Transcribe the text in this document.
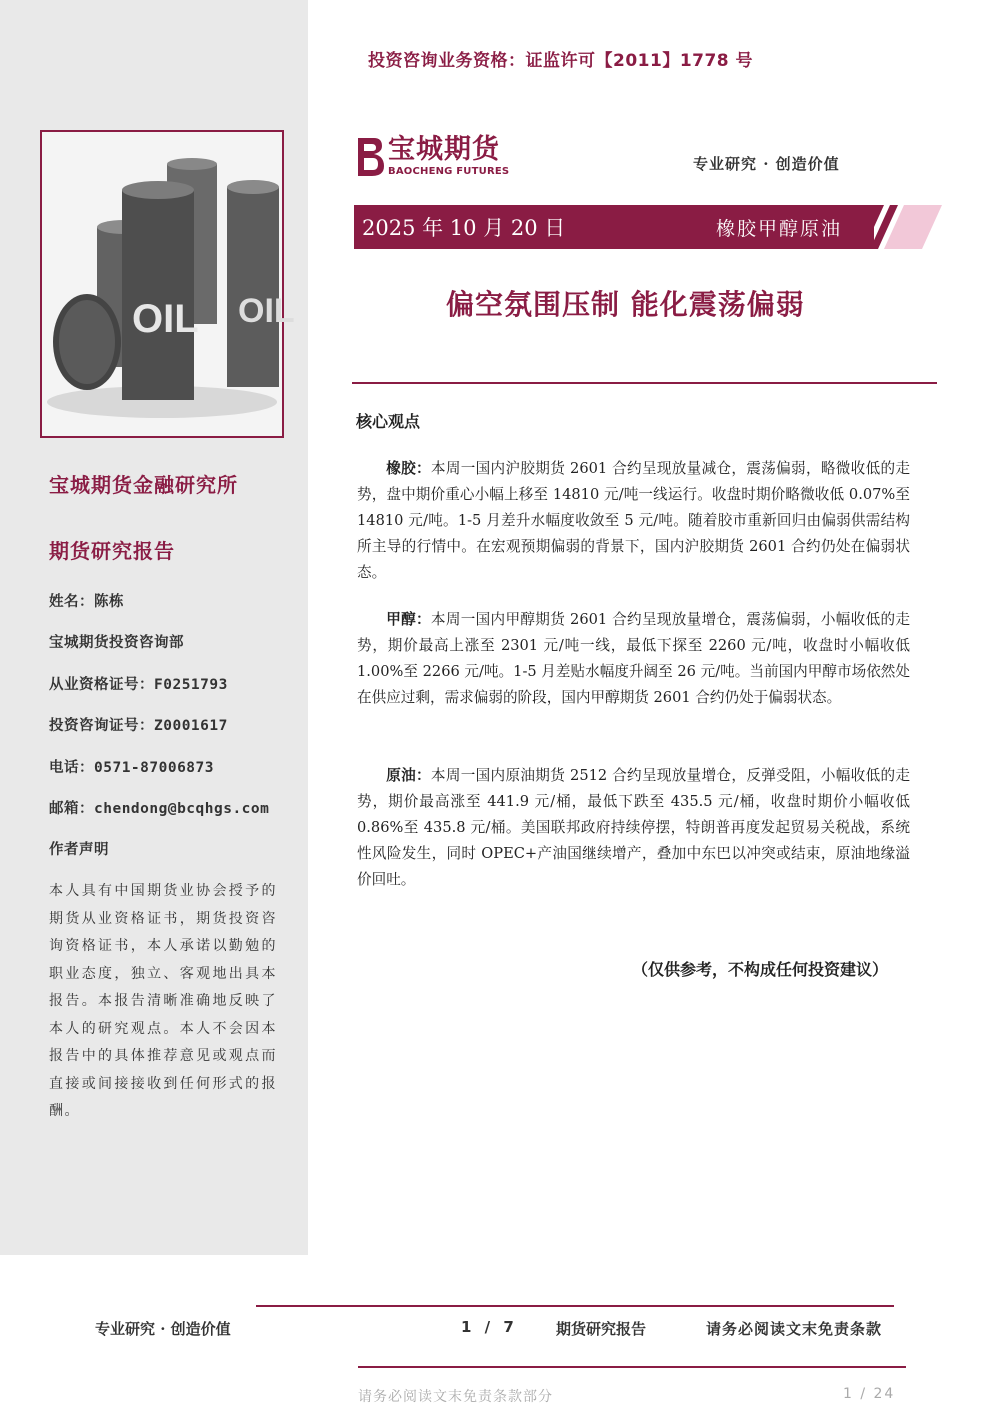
投资咨询业务资格：证监许可【2011】1778 号
OIL
OIL
宝城期货
BAOCHENG FUTURES	专业研究 · 创造价值
2025 年 10 月 20 日	橡胶甲醇原油
偏空氛围压制 能化震荡偏弱
核心观点
橡胶：本周一国内沪胶期货 2601 合约呈现放量减仓，震荡偏弱，略微收低的走势，盘中期价重心小幅上移至 14810 元/吨一线运行。收盘时期价略微收低 0.07%至 14810 元/吨。1-5 月差升水幅度收敛至 5 元/吨。随着胶市重新回归由偏弱供需结构所主导的行情中。在宏观预期偏弱的背景下，国内沪胶期货 2601 合约仍处在偏弱状态。
甲醇：本周一国内甲醇期货 2601 合约呈现放量增仓，震荡偏弱，小幅收低的走势，期价最高上涨至 2301 元/吨一线，最低下探至 2260 元/吨，收盘时小幅收低 1.00%至 2266 元/吨。1-5 月差贴水幅度升阔至 26 元/吨。当前国内甲醇市场依然处在供应过剩，需求偏弱的阶段，国内甲醇期货 2601 合约仍处于偏弱状态。
原油：本周一国内原油期货 2512 合约呈现放量增仓，反弹受阻，小幅收低的走势，期价最高涨至 441.9 元/桶，最低下跌至 435.5 元/桶，收盘时期价小幅收低 0.86%至 435.8 元/桶。美国联邦政府持续停摆，特朗普再度发起贸易关税战，系统性风险发生，同时 OPEC+产油国继续增产，叠加中东巴以冲突或结束，原油地缘溢价回吐。
（仅供参考，不构成任何投资建议）
宝城期货金融研究所
期货研究报告
姓名：陈栋
宝城期货投资咨询部
从业资格证号：F0251793
投资咨询证号：Z0001617
电话：0571-87006873
邮箱：chendong@bcqhgs.com
作者声明
本人具有中国期货业协会授予的期货从业资格证书，期货投资咨询资格证书，本人承诺以勤勉的职业态度，独立、客观地出具本报告。本报告清晰准确地反映了本人的研究观点。本人不会因本报告中的具体推荐意见或观点而直接或间接接收到任何形式的报酬。
专业研究 · 创造价值	1 / 7	期货研究报告	请务必阅读文末免责条款
请务必阅读文末免责条款部分	1 / 24
